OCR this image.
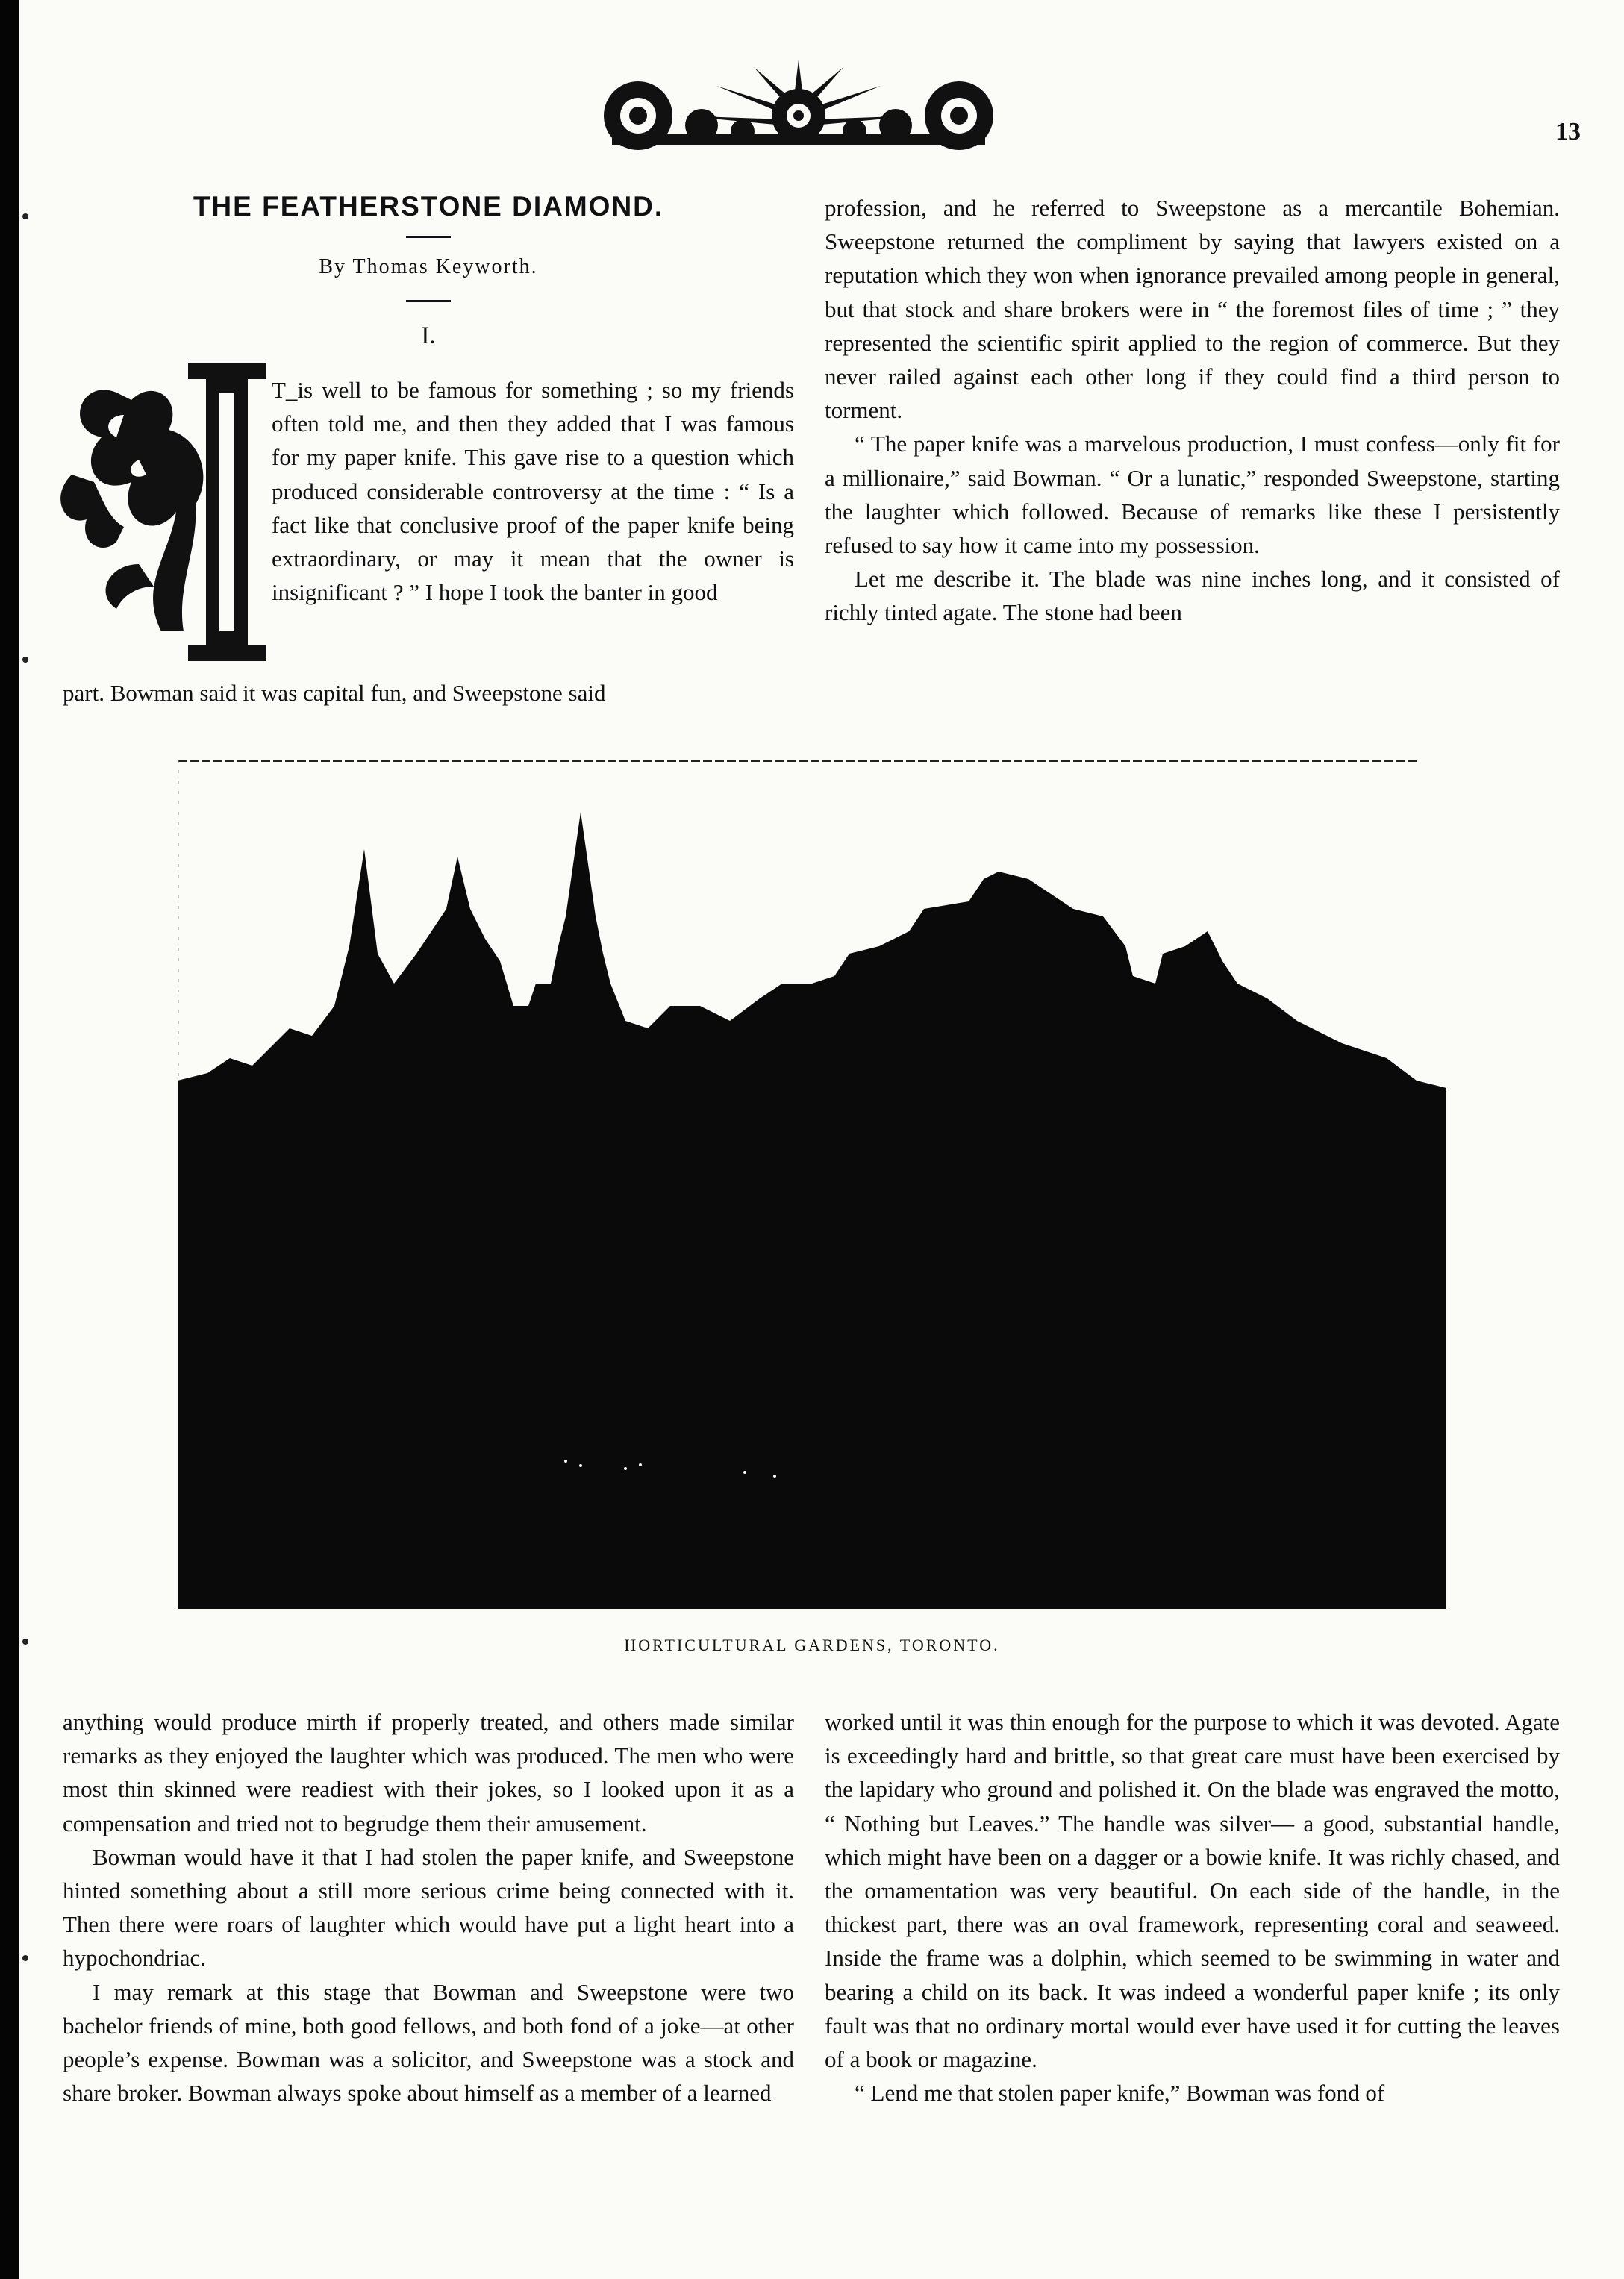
13
THE FEATHERSTONE DIAMOND.
By Thomas Keyworth.
I.

T_is well to be famous for something ; so my friends often told me, and then they added that I was famous for my paper knife. This gave rise to a question which produced considerable controversy at the time : “ Is a fact like that conclusive proof of the paper knife being extraordinary, or may it mean that the owner is insignificant ? ” I hope I took the banter in good

part. Bowman said it was capital fun, and Sweepstone said

profession, and he referred to Sweepstone as a mercantile Bohemian. Sweepstone returned the compliment by saying that lawyers existed on a reputation which they won when ignorance prevailed among people in general, but that stock and share brokers were in “ the foremost files of time ; ” they represented the scientific spirit applied to the region of commerce. But they never railed against each other long if they could find a third person to torment.

“ The paper knife was a marvelous production, I must confess—only fit for a millionaire,” said Bowman. “ Or a lunatic,” responded Sweepstone, starting the laughter which followed. Because of remarks like these I persistently refused to say how it came into my possession.

Let me describe it. The blade was nine inches long, and it consisted of richly tinted agate. The stone had been

HORTICULTURAL GARDENS, TORONTO.

anything would produce mirth if properly treated, and others made similar remarks as they enjoyed the laughter which was produced. The men who were most thin skinned were readiest with their jokes, so I looked upon it as a compensation and tried not to begrudge them their amusement.

Bowman would have it that I had stolen the paper knife, and Sweepstone hinted something about a still more serious crime being connected with it. Then there were roars of laughter which would have put a light heart into a hypochondriac.

I may remark at this stage that Bowman and Sweepstone were two bachelor friends of mine, both good fellows, and both fond of a joke—at other people’s expense. Bowman was a solicitor, and Sweepstone was a stock and share broker. Bowman always spoke about himself as a member of a learned

worked until it was thin enough for the purpose to which it was devoted. Agate is exceedingly hard and brittle, so that great care must have been exercised by the lapidary who ground and polished it. On the blade was engraved the motto, “ Nothing but Leaves.” The handle was silver— a good, substantial handle, which might have been on a dagger or a bowie knife. It was richly chased, and the ornamentation was very beautiful. On each side of the handle, in the thickest part, there was an oval framework, representing coral and seaweed. Inside the frame was a dolphin, which seemed to be swimming in water and bearing a child on its back. It was indeed a wonderful paper knife ; its only fault was that no ordinary mortal would ever have used it for cutting the leaves of a book or magazine.

“ Lend me that stolen paper knife,” Bowman was fond of
